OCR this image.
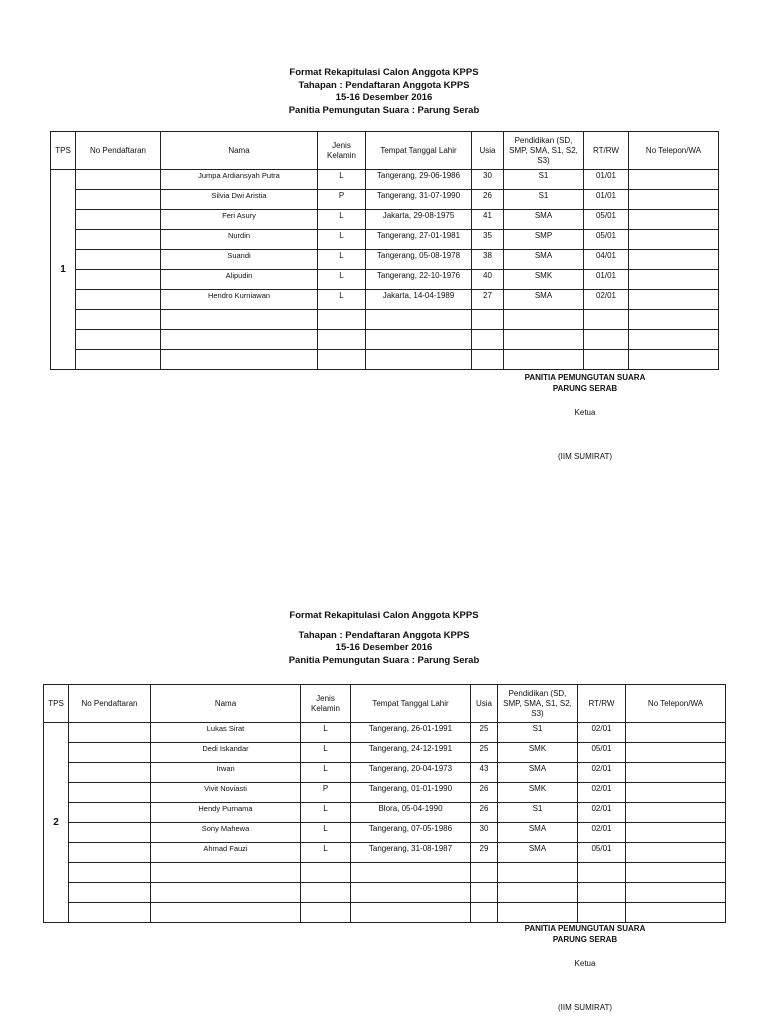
Format Rekapitulasi Calon Anggota KPPS
Tahapan : Pendaftaran Anggota KPPS
15-16 Desember 2016
Panitia Pemungutan Suara : Parung Serab
TPS	No Pendaftaran	Nama	Jenis Kelamin	Tempat Tanggal Lahir	Usia	Pendidikan (SD, SMP, SMA, S1, S2, S3)	RT/RW	No Telepon/WA
1		Jumpa Ardiansyah Putra	L	Tangerang, 29-06-1986	30	S1	01/01	
		Silvia Dwi Aristia	P	Tangerang, 31-07-1990	26	S1	01/01	
		Feri Asury	L	Jakarta, 29-08-1975	41	SMA	05/01	
		Nurdin	L	Tangerang, 27-01-1981	35	SMP	05/01	
		Suandi	L	Tangerang, 05-08-1978	38	SMA	04/01	
		Alipudin	L	Tangerang, 22-10-1976	40	SMK	01/01	
		Hendro Kurniawan	L	Jakarta, 14-04-1989	27	SMA	02/01	

PANITIA PEMUNGUTAN SUARA
PARUNG SERAB
Ketua
(IIM SUMIRAT)
Format Rekapitulasi Calon Anggota KPPS
Tahapan : Pendaftaran Anggota KPPS
15-16 Desember 2016
Panitia Pemungutan Suara : Parung Serab
TPS	No Pendaftaran	Nama	Jenis Kelamin	Tempat Tanggal Lahir	Usia	Pendidikan (SD, SMP, SMA, S1, S2, S3)	RT/RW	No Telepon/WA
2		Lukas Sirat	L	Tangerang, 26-01-1991	25	S1	02/01	
		Dedi Iskandar	L	Tangerang, 24-12-1991	25	SMK	05/01	
		Irwan	L	Tangerang, 20-04-1973	43	SMA	02/01	
		Vivit Noviasti	P	Tangerang, 01-01-1990	26	SMK	02/01	
		Hendy Purnama	L	Blora, 05-04-1990	26	S1	02/01	
		Sony Mahewa	L	Tangerang, 07-05-1986	30	SMA	02/01	
		Ahmad Fauzi	L	Tangerang, 31-08-1987	29	SMA	05/01	

PANITIA PEMUNGUTAN SUARA
PARUNG SERAB
Ketua
(IIM SUMIRAT)
